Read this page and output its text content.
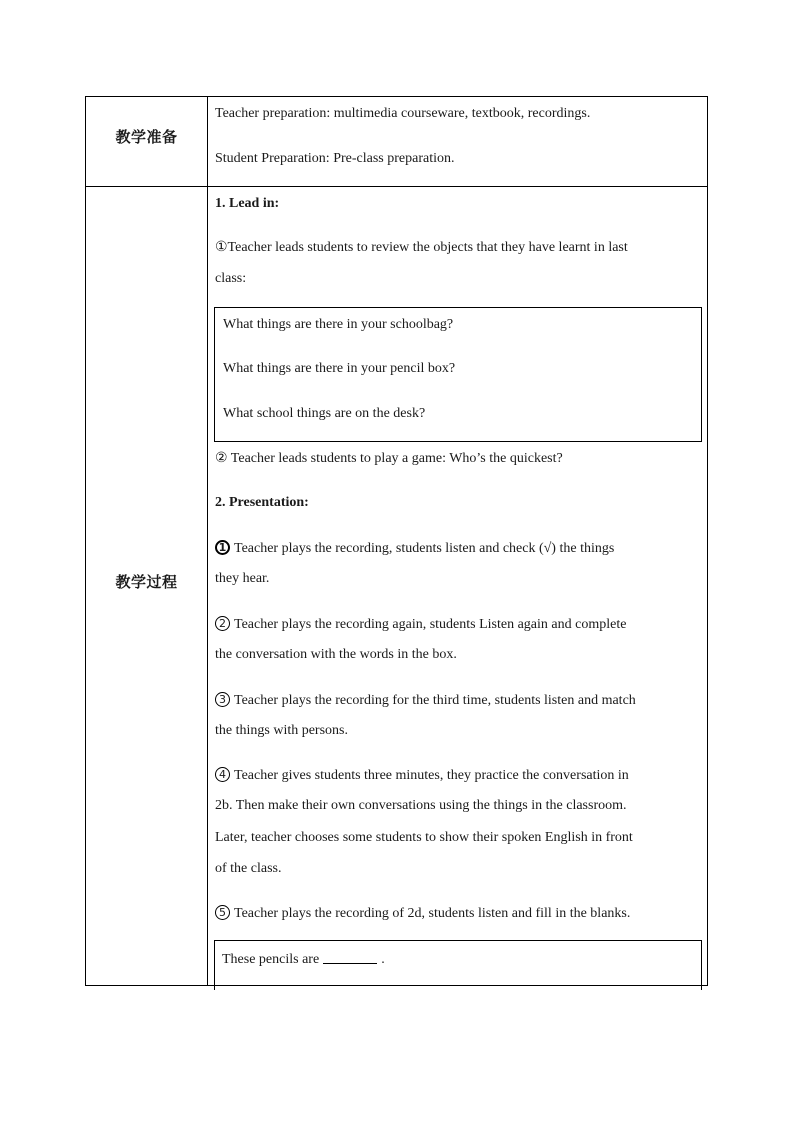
教学准备
Teacher preparation: multimedia courseware, textbook, recordings.
Student Preparation: Pre-class preparation.
教学过程
1. Lead in:
①Teacher leads students to review the objects that they have learnt in last
class:
What things are there in your schoolbag?
What things are there in your pencil box?
What school things are on the desk?
② Teacher leads students to play a game: Who’s the quickest?
2. Presentation:
1 Teacher plays the recording, students listen and check (√) the things
they hear.
2 Teacher plays the recording again, students Listen again and complete
the conversation with the words in the box.
3 Teacher plays the recording for the third time, students listen and match
the things with persons.
4 Teacher gives students three minutes, they practice the conversation in
2b. Then make their own conversations using the things in the classroom.
Later, teacher chooses some students to show their spoken English in front
of the class.
5 Teacher plays the recording of 2d, students listen and fill in the blanks.
These pencils are	.
